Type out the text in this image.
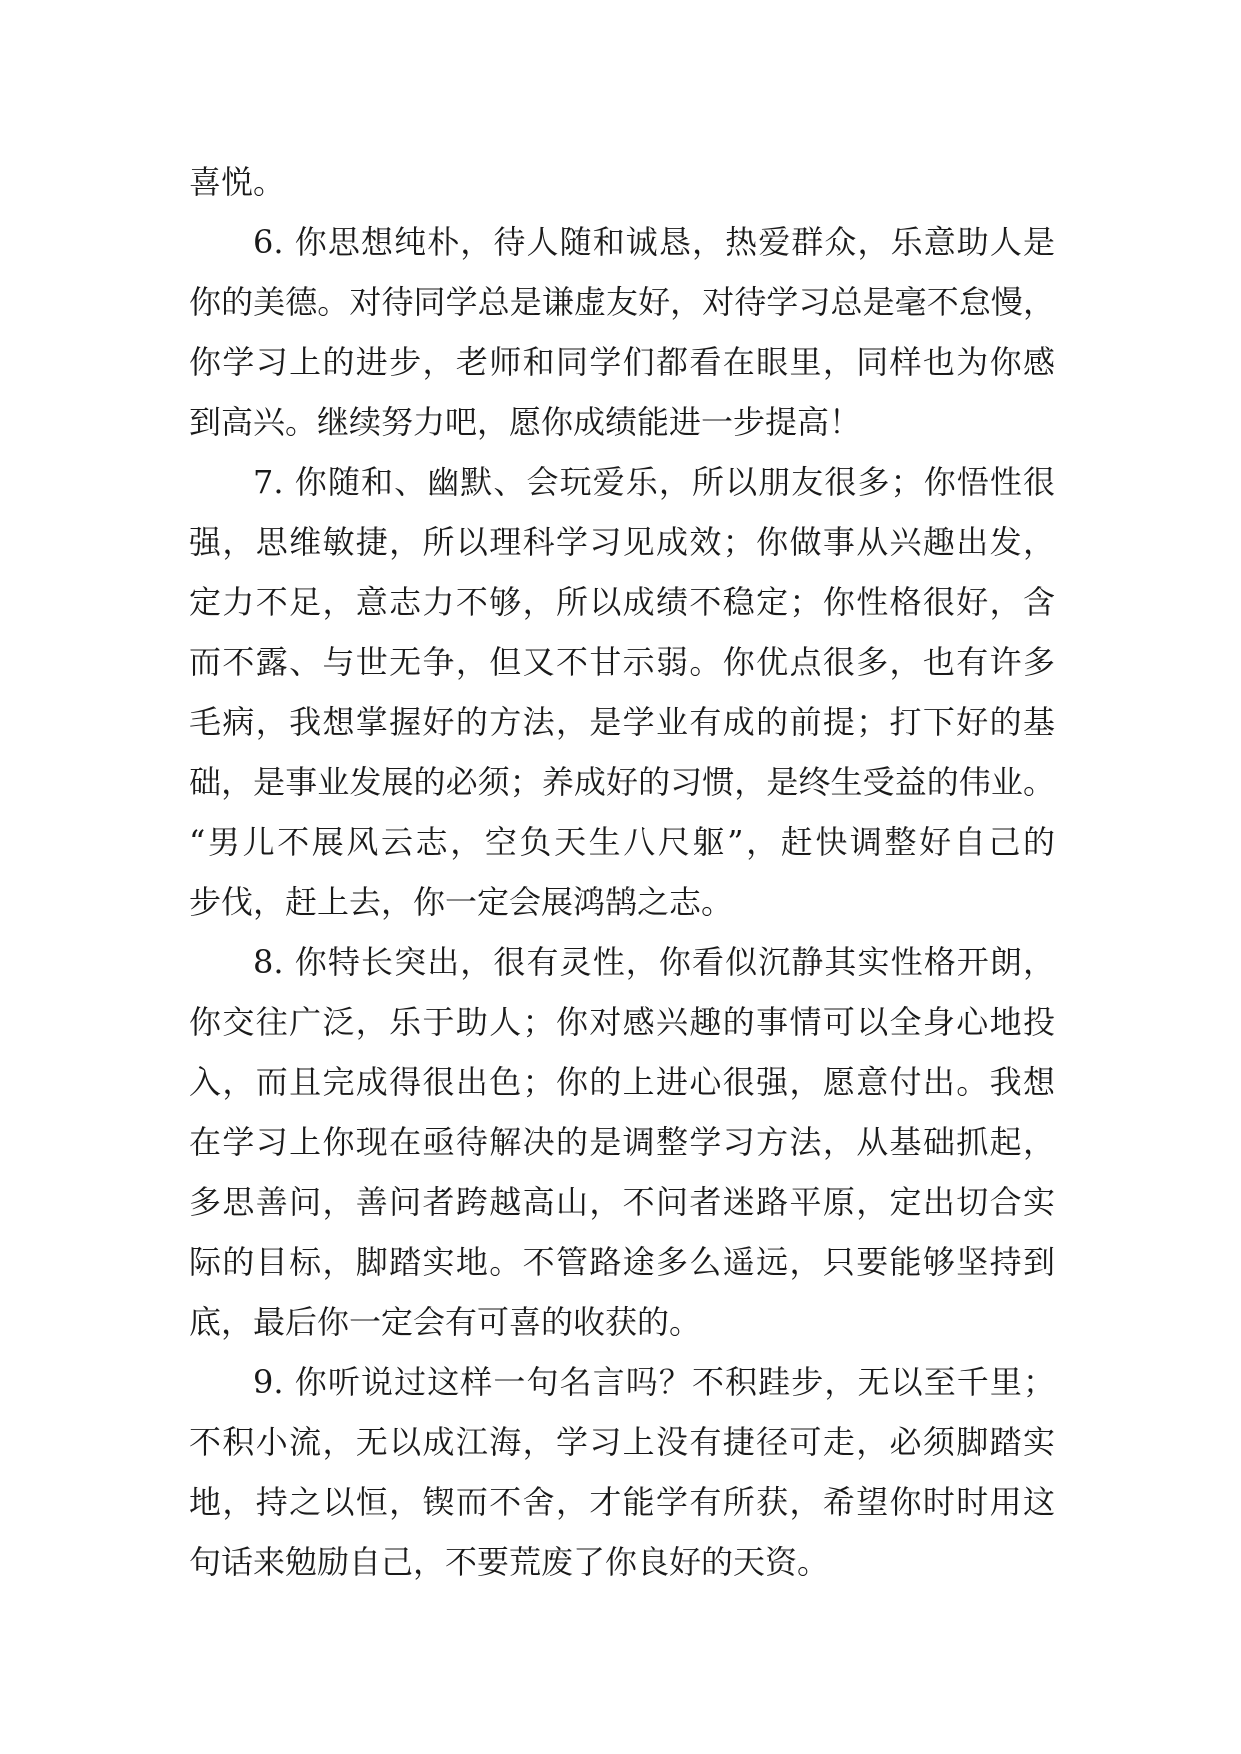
喜悦。
6. 你思想纯朴，待人随和诚恳，热爱群众，乐意助人是
你的美德。对待同学总是谦虚友好，对待学习总是毫不怠慢，
你学习上的进步，老师和同学们都看在眼里，同样也为你感
到高兴。继续努力吧，愿你成绩能进一步提高！
7. 你随和、幽默、会玩爱乐，所以朋友很多；你悟性很
强，思维敏捷，所以理科学习见成效；你做事从兴趣出发，
定力不足，意志力不够，所以成绩不稳定；你性格很好，含
而不露、与世无争，但又不甘示弱。你优点很多，也有许多
毛病，我想掌握好的方法，是学业有成的前提；打下好的基
础，是事业发展的必须；养成好的习惯，是终生受益的伟业。
“男儿不展风云志，空负天生八尺躯”，赶快调整好自己的
步伐，赶上去，你一定会展鸿鹄之志。
8. 你特长突出，很有灵性，你看似沉静其实性格开朗，
你交往广泛，乐于助人；你对感兴趣的事情可以全身心地投
入，而且完成得很出色；你的上进心很强，愿意付出。我想
在学习上你现在亟待解决的是调整学习方法，从基础抓起，
多思善问，善问者跨越高山，不问者迷路平原，定出切合实
际的目标，脚踏实地。不管路途多么遥远，只要能够坚持到
底，最后你一定会有可喜的收获的。
9. 你听说过这样一句名言吗？不积跬步，无以至千里；
不积小流，无以成江海，学习上没有捷径可走，必须脚踏实
地，持之以恒，锲而不舍，才能学有所获，希望你时时用这
句话来勉励自己，不要荒废了你良好的天资。
